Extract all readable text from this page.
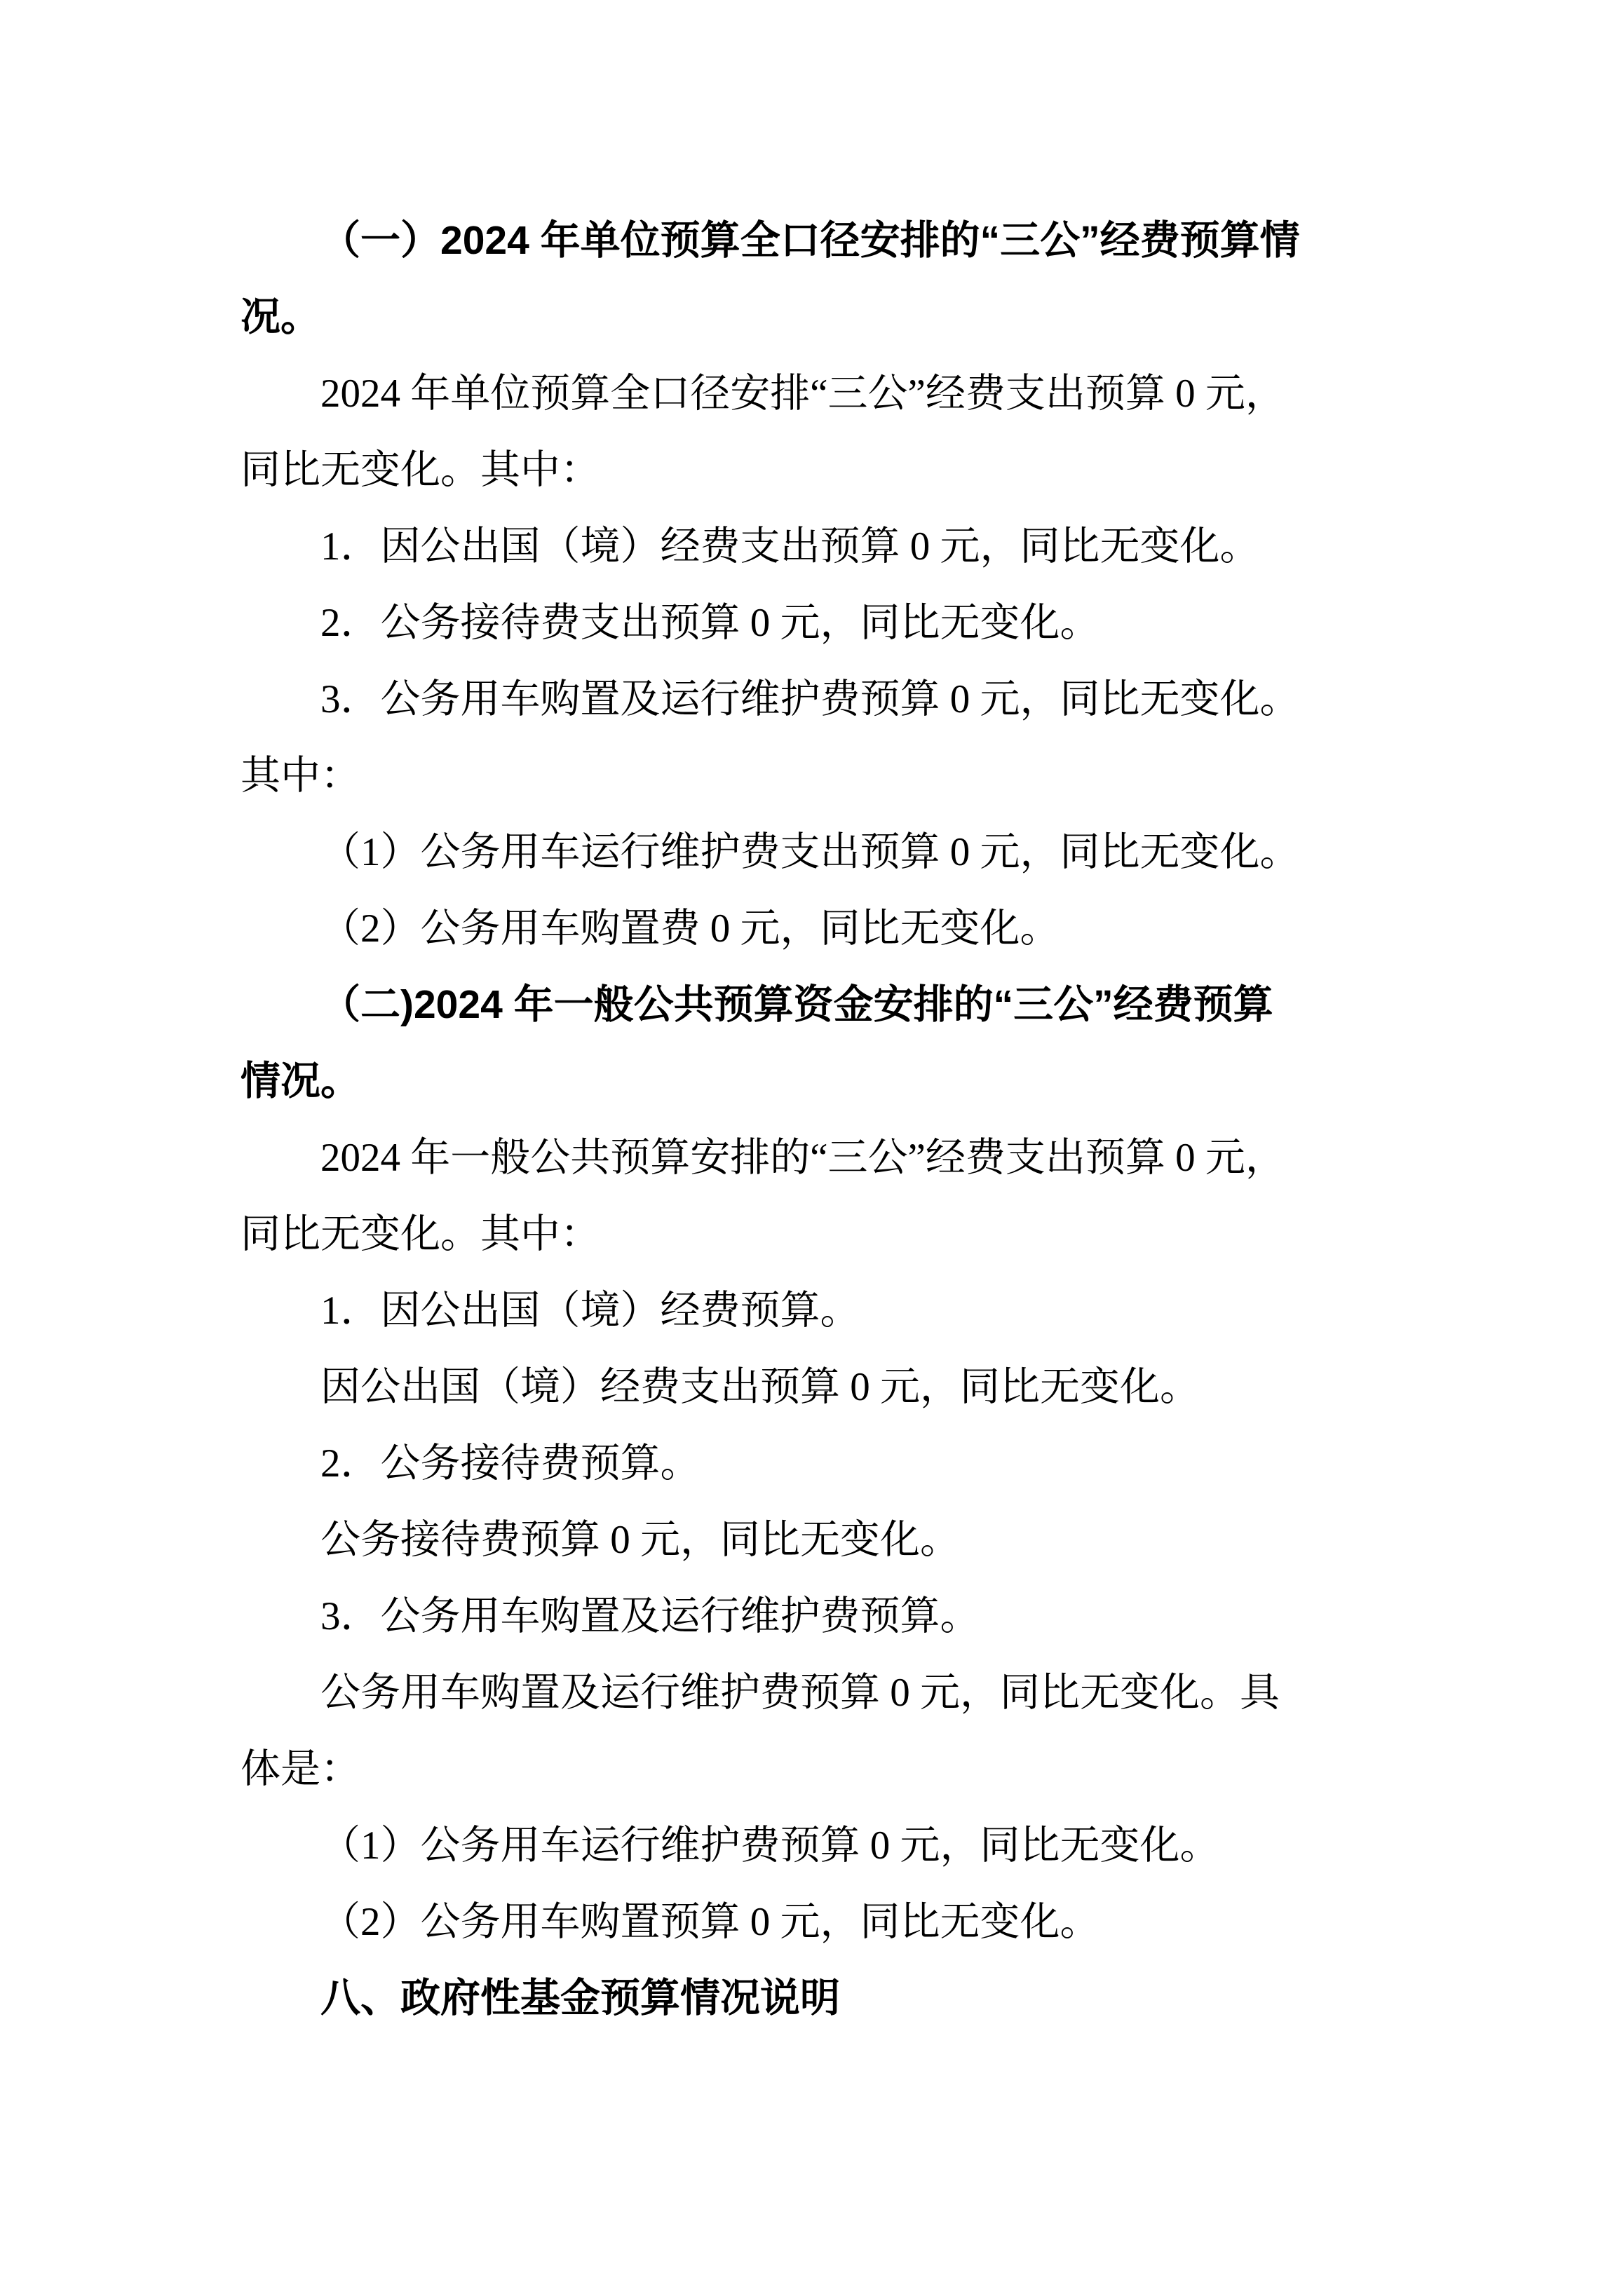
（一）2024 年单位预算全口径安排的“三公”经费预算情
况。
2024 年单位预算全口径安排“三公”经费支出预算 0 元，
同比无变化。其中：
1．因公出国（境）经费支出预算 0 元，同比无变化。
2．公务接待费支出预算 0 元，同比无变化。
3．公务用车购置及运行维护费预算 0 元，同比无变化。
其中：
（1）公务用车运行维护费支出预算 0 元，同比无变化。
（2）公务用车购置费 0 元，同比无变化。
（二)2024 年一般公共预算资金安排的“三公”经费预算
情况。
2024 年一般公共预算安排的“三公”经费支出预算 0 元，
同比无变化。其中：
1．因公出国（境）经费预算。
因公出国（境）经费支出预算 0 元，同比无变化。
2．公务接待费预算。
公务接待费预算 0 元，同比无变化。
3．公务用车购置及运行维护费预算。
公务用车购置及运行维护费预算 0 元，同比无变化。具
体是：
（1）公务用车运行维护费预算 0 元，同比无变化。
（2）公务用车购置预算 0 元，同比无变化。
八、政府性基金预算情况说明
